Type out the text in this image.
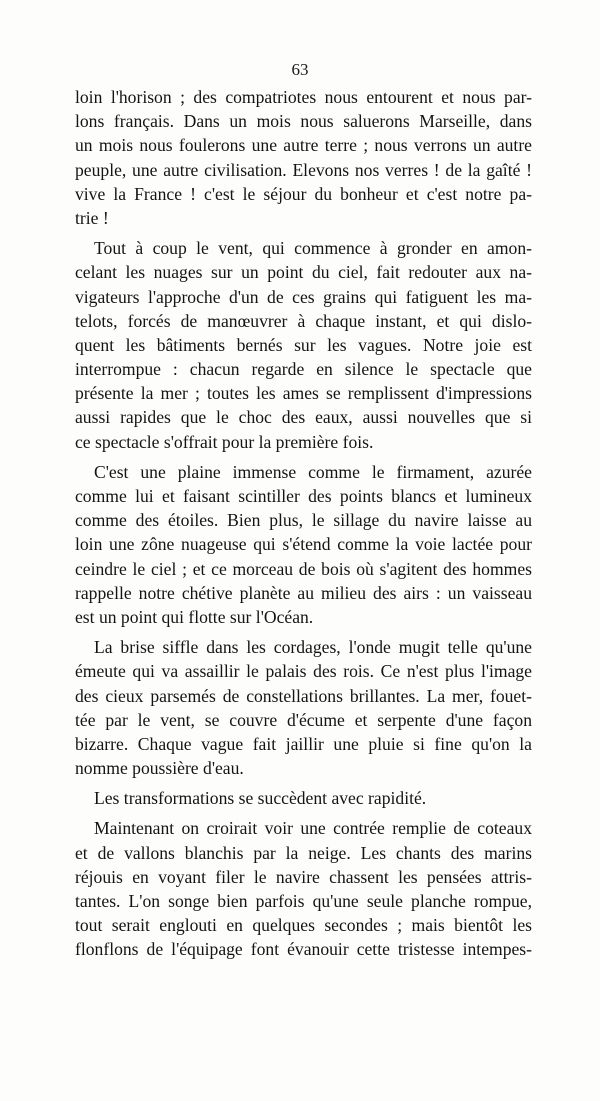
63
loin l'horison ; des compatriotes nous entourent et nous par-
lons français. Dans un mois nous saluerons Marseille, dans
un mois nous foulerons une autre terre ; nous verrons un autre
peuple, une autre civilisation. Elevons nos verres ! de la gaîté !
vive la France ! c'est le séjour du bonheur et c'est notre pa-
trie !
Tout à coup le vent, qui commence à gronder en amon-
celant les nuages sur un point du ciel, fait redouter aux na-
vigateurs l'approche d'un de ces grains qui fatiguent les ma-
telots, forcés de manœuvrer à chaque instant, et qui dislo-
quent les bâtiments bernés sur les vagues. Notre joie est
interrompue : chacun regarde en silence le spectacle que
présente la mer ; toutes les ames se remplissent d'impressions
aussi rapides que le choc des eaux, aussi nouvelles que si
ce spectacle s'offrait pour la première fois.
C'est une plaine immense comme le firmament, azurée
comme lui et faisant scintiller des points blancs et lumineux
comme des étoiles. Bien plus, le sillage du navire laisse au
loin une zône nuageuse qui s'étend comme la voie lactée pour
ceindre le ciel ; et ce morceau de bois où s'agitent des hommes
rappelle notre chétive planète au milieu des airs : un vaisseau
est un point qui flotte sur l'Océan.
La brise siffle dans les cordages, l'onde mugit telle qu'une
émeute qui va assaillir le palais des rois. Ce n'est plus l'image
des cieux parsemés de constellations brillantes. La mer, fouet-
tée par le vent, se couvre d'écume et serpente d'une façon
bizarre. Chaque vague fait jaillir une pluie si fine qu'on la
nomme poussière d'eau.
Les transformations se succèdent avec rapidité.
Maintenant on croirait voir une contrée remplie de coteaux
et de vallons blanchis par la neige. Les chants des marins
réjouis en voyant filer le navire chassent les pensées attris-
tantes. L'on songe bien parfois qu'une seule planche rompue,
tout serait englouti en quelques secondes ; mais bientôt les
flonflons de l'équipage font évanouir cette tristesse intempes-
